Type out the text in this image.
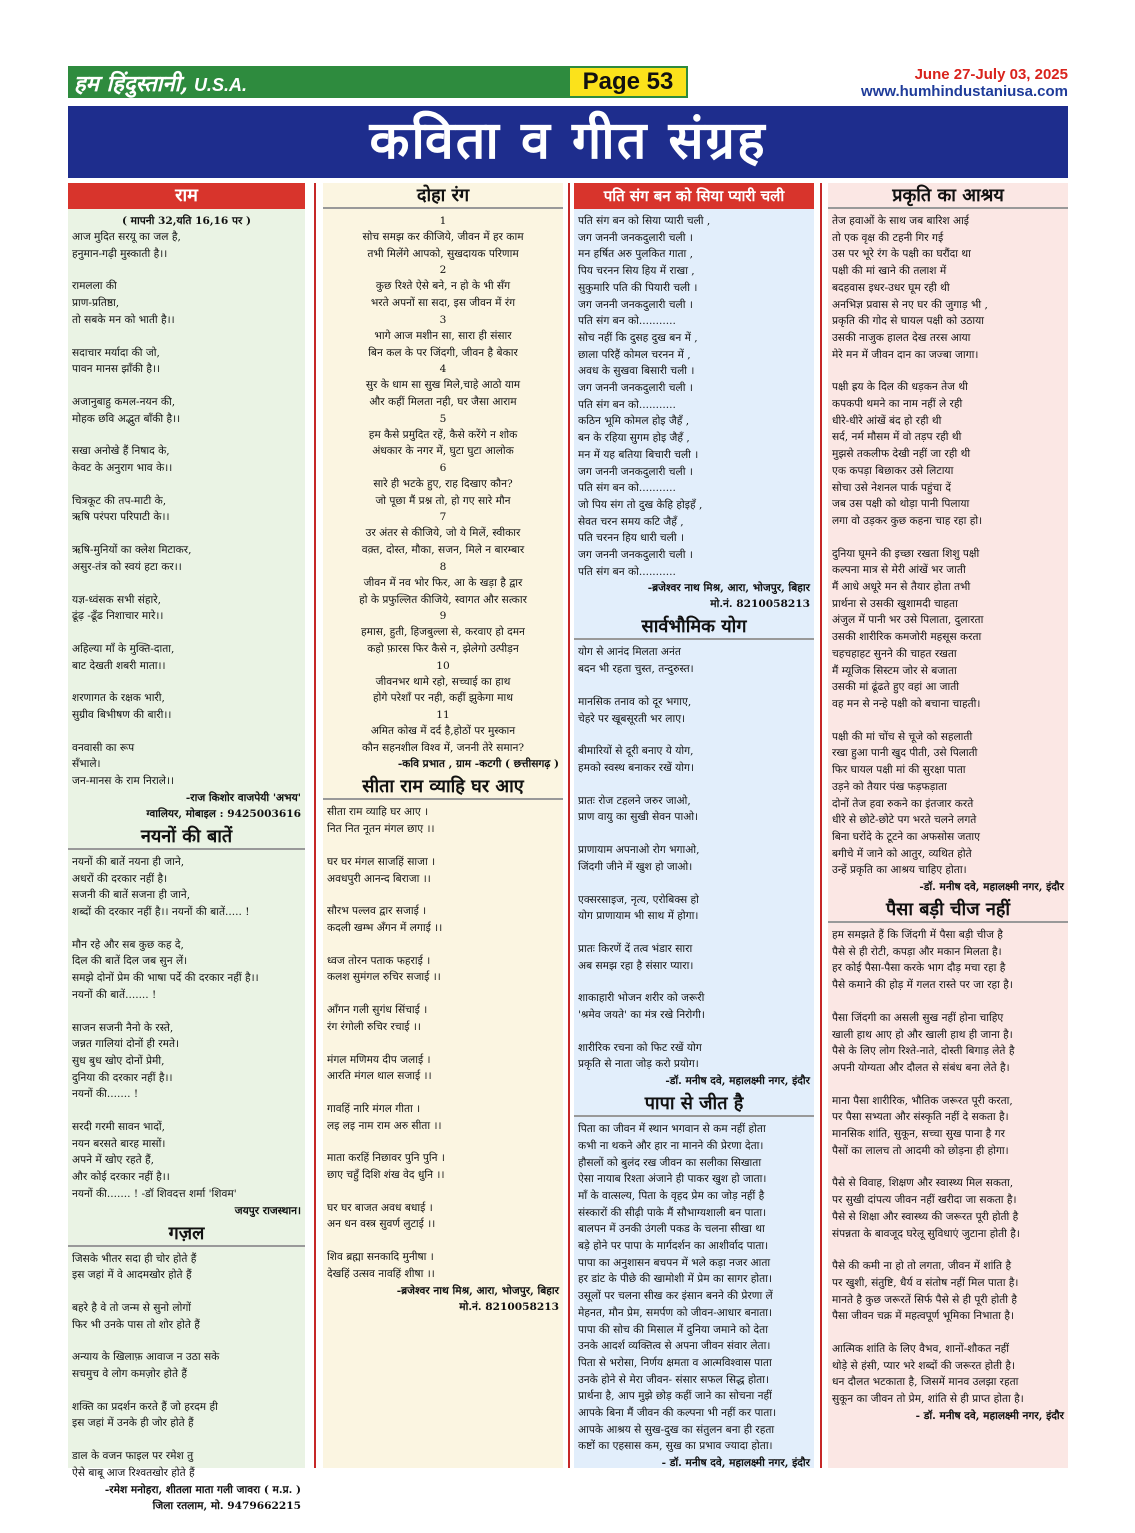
हम हिंदुस्तानी, U.S.A.	Page 53	June 27-July 03, 2025
www.humhindustaniusa.com
कविता व गीत संग्रह
राम
( मापनी 32,यति 16,16 पर )
आज मुदित सरयू का जल है,
हनुमान-गढ़ी मुस्काती है।।
रामलला की
प्राण-प्रतिष्ठा,
तो सबके मन को भाती है।।
सदाचार मर्यादा की जो,
पावन मानस झाँकी है।।
अजानुबाहु कमल-नयन की,
मोहक छवि अद्भुत बाँकी है।।
सखा अनोखे हैं निषाद के,
केवट के अनुराग भाव के।।
चित्रकूट की तप-माटी के,
ऋषि परंपरा परिपाटी के।।
ऋषि-मुनियों का क्लेश मिटाकर,
असुर-तंत्र को स्वयं हटा कर।।
यज्ञ-ध्वंसक सभी संहारे,
ढूंढ़ -ढूँढ निशाचार मारे।।
अहिल्या माँ के मुक्ति-दाता,
बाट देखती शबरी माता।।
शरणागत के रक्षक भारी,
सुग्रीव बिभीषण की बारी।।
वनवासी का रूप
सँभाले।
जन-मानस के राम निराले।।
-राज किशोर वाजपेयी 'अभय'
ग्वालियर, मोबाइल : 9425003616
नयनों की बातें
नयनों की बातें नयना ही जाने,
अधरों की दरकार नहीं है।
सजनी की बातें सजना ही जाने,
शब्दों की दरकार नहीं है।। नयनों की बातें..... !
मौन रहे और सब कुछ कह दे,
दिल की बातें दिल जब सुन लें।
समझे दोनों प्रेम की भाषा पर्दे की दरकार नहीं है।।
नयनों की बातें....... !
साजन सजनी नैनो के रस्ते,
जन्नत गालियां दोनों ही रमते।
सुध बुध खोए दोनों प्रेमी,
दुनिया की दरकार नहीं है।।
नयनों की....... !
सरदी गरमी सावन भादों,
नयन बरसते बारह मासों।
अपने में खोए रहते हैं,
और कोई दरकार नहीं है।।
नयनों की....... ! -डॉ शिवदत्त शर्मा 'शिवम'
जयपुर राजस्थान।
गज़ल
जिसके भीतर सदा ही चोर होते हैं
इस जहां में वे आदमखोर होते हैं
बहरे है वे तो जन्म से सुनो लोगों
फिर भी उनके पास तो शोर होते हैं
अन्याय के खिलाफ़ आवाज न उठा सके
सचमुच वे लोग कमज़ोर होते हैं
शक्ति का प्रदर्शन करते हैं जो हरदम ही
इस जहां में उनके ही जोर होते हैं
डाल के वजन फाइल पर रमेश तु
ऐसे बाबू आज रिश्वतखोर होते हैं
-रमेश मनोहरा, शीतला माता गली जावरा ( म.प्र. )
जिला रतलाम, मो. 9479662215
दोहा रंग
1
सोच समझ कर कीजिये, जीवन में हर काम
तभी मिलेंगे आपको, सुखदायक परिणाम
2
कुछ रिश्ते ऐसे बने, न हो के भी सँग
भरते अपनों सा सदा, इस जीवन में रंग
3
भागे आज मशीन सा, सारा ही संसार
बिन कल के पर जिंदगी, जीवन है बेकार
4
सुर के धाम सा सुख मिले,चाहे आठो याम
और कहीं मिलता नही, घर जैसा आराम
5
हम कैसे प्रमुदित रहें, कैसे करेंगे न शोक
अंधकार के नगर में, घुटा घुटा आलोक
6
सारे ही भटके हुए, राह दिखाए कौन?
जो पूछा मैं प्रश्न तो, हो गए सारे मौन
7
उर अंतर से कीजिये, जो ये मिलें, स्वीकार
वक़्त, दोस्त, मौका, सजन, मिले न बारम्बार
8
जीवन में नव भोर फिर, आ के खड़ा है द्वार
हो के प्रफुल्लित कीजिये, स्वागत और सत्कार
9
हमास, हुती, हिजबुल्ला से, करवाए हो दमन
कहो फ़ारस फिर कैसे न, झेलेगो उत्पीड़न
10
जीवनभर थामे रहो, सच्चाई का हाथ
होगे परेशाँ पर नही, कहीं झुकेगा माथ
11
अमित कोख में दर्द है,होठों पर मुस्कान
कौन सहनशील विश्व में, जननी तेरे समान?
-कवि प्रभात , ग्राम -कटगी ( छत्तीसगढ़ )
सीता राम व्याहि घर आए
सीता राम व्याहि घर आए ।
नित नित नूतन मंगल छाए ।।
घर घर मंगल साजहिं साजा ।
अवधपुरी आनन्द बिराजा ।।
सौरभ पल्लव द्वार सजाई ।
कदली खम्भ अँगन में लगाई ।।
ध्वज तोरन पताक फहराई ।
कलश सुमंगल रुचिर सजाई ।।
आँगन गली सुगंध सिंचाई ।
रंग रंगोली रुचिर रचाई ।।
मंगल मणिमय दीप जलाई ।
आरति मंगल थाल सजाई ।।
गावहिं नारि मंगल गीता ।
लइ लइ नाम राम अरु सीता ।।
माता करहिं निछावर पुनि पुनि ।
छाए चहुँ दिशि शंख वेद धुनि ।।
घर घर बाजत अवध बधाई ।
अन धन वस्त्र सुवर्ण लुटाई ।।
शिव ब्रह्मा सनकादि मुनीषा ।
देखहिं उत्सव नावहिं शीषा ।।
-ब्रजेश्वर नाथ मिश्र, आरा, भोजपुर, बिहार
मो.नं. 8210058213
पति संग बन को सिया प्यारी चली
पति संग बन को सिया प्यारी चली ,
जग जननी जनकदुलारी चली ।
मन हर्षित अरु पुलकित गाता ,
पिय चरनन सिय हिय में राखा ,
सुकुमारि पति की पियारी चली ।
जग जननी जनकदुलारी चली ।
पति संग बन को...........
सोच नहीं कि दुसह दुख बन में ,
छाला परिहैं कोमल चरनन में ,
अवध के सुखवा बिसारी चली ।
जग जननी जनकदुलारी चली ।
पति संग बन को...........
कठिन भूमि कोमल होइ जैहँ ,
बन के रहिया सुगम होइ जैहँ ,
मन में यह बतिया बिचारी चली ।
जग जननी जनकदुलारी चली ।
पति संग बन को...........
जो पिय संग तो दुख केहि होइहँ ,
सेवत चरन समय कटि जैहँ ,
पति चरनन हिय धारी चली ।
जग जननी जनकदुलारी चली ।
पति संग बन को...........
-ब्रजेश्वर नाथ मिश्र, आरा, भोजपुर, बिहार
मो.नं. 8210058213
सार्वभौमिक योग
योग से आनंद मिलता अनंत
बदन भी रहता चुस्त, तन्दुरुस्त।
मानसिक तनाव को दूर भगाए,
चेहरे पर खूबसूरती भर लाए।
बीमारियों से दूरी बनाए ये योग,
हमको स्वस्थ बनाकर रखें योग।
प्रातः रोज टहलने जरुर जाओ,
प्राण वायु का सुखी सेवन पाओ।
प्राणायाम अपनाओ रोग भगाओ,
जिंदगी जीने में खुश हो जाओ।
एक्सरसाइज, नृत्य, एरोबिक्स हो
योग प्राणायाम भी साथ में होगा।
प्रातः किरणें दें तत्व भंडार सारा
अब समझ रहा है संसार प्यारा।
शाकाहारी भोजन शरीर को जरूरी
'श्रमेव जयते' का मंत्र रखे निरोगी।
शारीरिक रचना को फिट रखें योग
प्रकृति से नाता जोड़ करो प्रयोग।
-डॉ. मनीष दवे, महालक्ष्मी नगर, इंदौर
पापा से जीत है
पिता का जीवन में स्थान भगवान से कम नहीं होता
कभी ना थकने और हार ना मानने की प्रेरणा देता।
हौसलों को बुलंद रख जीवन का सलीका सिखाता
ऐसा नायाब रिश्ता अंजाने ही पाकर खुश हो जाता।
माँ के वात्सल्य, पिता के वृहद प्रेम का जोड़ नहीं है
संस्कारों की सीढ़ी पाके मैं सौभाग्यशाली बन पाता।
बालपन में उनकी उंगली पकड के चलना सीखा था
बड़े होने पर पापा के मार्गदर्शन का आशीर्वाद पाता।
पापा का अनुशासन बचपन में भले कड़ा नजर आता
हर डांट के पीछे की खामोशी में प्रेम का सागर होता।
उसूलों पर चलना सीख कर इंसान बनने की प्रेरणा लें
मेहनत, मौन प्रेम, समर्पण को जीवन-आधार बनाता।
पापा की सोच की मिसाल में दुनिया जमाने को देता
उनके आदर्श व्यक्तित्व से अपना जीवन संवार लेता।
पिता से भरोसा, निर्णय क्षमता व आत्मविश्वास पाता
उनके होने से मेरा जीवन- संसार सफल सिद्ध होता।
प्रार्थना है, आप मुझे छोड़ कहीं जाने का सोचना नहीं
आपके बिना मैं जीवन की कल्पना भी नहीं कर पाता।
आपके आश्रय से सुख-दुख का संतुलन बना ही रहता
कष्टों का एहसास कम, सुख का प्रभाव ज्यादा होता।
- डॉ. मनीष दवे, महालक्ष्मी नगर, इंदौर
प्रकृति का आश्रय
तेज हवाओं के साथ जब बारिश आई
तो एक वृक्ष की टहनी गिर गई
उस पर भूरे रंग के पक्षी का घरौंदा था
पक्षी की मां खाने की तलाश में
बदहवास इधर-उधर घूम रही थी
अनभिज्ञ प्रवास से नए घर की जुगाड़ भी ,
प्रकृति की गोद से घायल पक्षी को उठाया
उसकी नाजुक हालत देख तरस आया
मेरे मन में जीवन दान का जज्बा जागा।
पक्षी ह्रय के दिल की धड़कन तेज थी
कपकपी थमने का नाम नहीं ले रही
धीरे-धीरे आंखें बंद हो रही थी
सर्द, नर्म मौसम में वो तड़प रही थी
मुझसे तकलीफ देखी नहीं जा रही थी
एक कपड़ा बिछाकर उसे लिटाया
सोचा उसे नेशनल पार्क पहुंचा दें
जब उस पक्षी को थोड़ा पानी पिलाया
लगा वो उड़कर कुछ कहना चाह रहा हो।
दुनिया घूमने की इच्छा रखता शिशु पक्षी
कल्पना मात्र से मेरी आंखें भर जाती
मैं आधे अधूरे मन से तैयार होता तभी
प्रार्थना से उसकी खुशामदी चाहता
अंजुल में पानी भर उसे पिलाता, दुलारता
उसकी शारीरिक कमजोरी महसूस करता
चहचहाहट सुनने की चाहत रखता
मैं म्यूजिक सिस्टम जोर से बजाता
उसकी मां ढूंढते हुए वहां आ जाती
वह मन से नन्हे पक्षी को बचाना चाहती।
पक्षी की मां चोंच से चूजे को सहलाती
रखा हुआ पानी खुद पीती, उसे पिलाती
फिर घायल पक्षी मां की सुरक्षा पाता
उड़ने को तैयार पंख फड़फड़ाता
दोनों तेज हवा रुकने का इंतजार करते
धीरे से छोटे-छोटे पग भरते चलने लगते
बिना घरोंदे के टूटने का अफसोस जताए
बगीचे में जाने को आतुर, व्यथित होते
उन्हें प्रकृति का आश्रय चाहिए होता।
-डॉ. मनीष दवे, महालक्ष्मी नगर, इंदौर
पैसा बड़ी चीज नहीं
हम समझते हैं कि जिंदगी में पैसा बड़ी चीज है
पैसे से ही रोटी, कपड़ा और मकान मिलता है।
हर कोई पैसा-पैसा करके भाग दौड़ मचा रहा है
पैसे कमाने की होड़ में गलत रास्ते पर जा रहा है।
पैसा जिंदगी का असली सुख नहीं होना चाहिए
खाली हाथ आए हो और खाली हाथ ही जाना है।
पैसे के लिए लोग रिश्ते-नाते, दोस्ती बिगाड़ लेते है
अपनी योग्यता और दौलत से संबंध बना लेते है।
माना पैसा शारीरिक, भौतिक जरूरत पूरी करता,
पर पैसा सभ्यता और संस्कृति नहीं दे सकता है।
मानसिक शांति, सुकून, सच्चा सुख पाना है गर
पैसों का लालच तो आदमी को छोड़ना ही होगा।
पैसे से विवाह, शिक्षण और स्वास्थ्य मिल सकता,
पर सुखी दांपत्य जीवन नहीं खरीदा जा सकता है।
पैसे से शिक्षा और स्वास्थ्य की जरूरत पूरी होती है
संपन्नता के बावजूद घरेलू सुविधाएं जुटाना होती है।
पैसे की कमी ना हो तो लगता, जीवन में शांति है
पर खुशी, संतुष्टि, धैर्य व संतोष नहीं मिल पाता है।
मानते है कुछ जरूरतें सिर्फ पैसे से ही पूरी होती है
पैसा जीवन चक्र में महत्वपूर्ण भूमिका निभाता है।
आत्मिक शांति के लिए वैभव, शानों-शौकत नहीं
थोड़े से हंसी, प्यार भरे शब्दों की जरूरत होती है।
धन दौलत भटकाता है, जिसमें मानव उलझा रहता
सुकून का जीवन तो प्रेम, शांति से ही प्राप्त होता है।
- डॉ. मनीष दवे, महालक्ष्मी नगर, इंदौर
